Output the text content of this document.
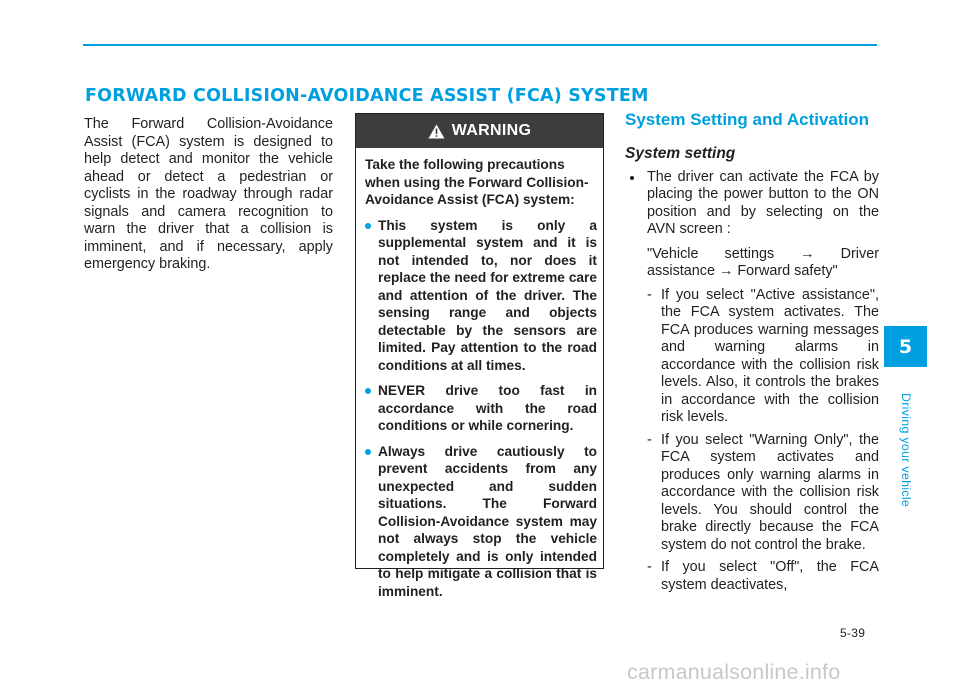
FORWARD COLLISION-AVOIDANCE ASSIST (FCA) SYSTEM

The Forward Collision-Avoidance Assist (FCA) system is designed to help detect and monitor the vehicle ahead or detect a pedestrian or cyclists in the roadway through radar signals and camera recognition to warn the driver that a collision is imminent, and if necessary, apply emergency braking.

WARNING

Take the following precautions when using the Forward Collision-Avoidance Assist (FCA) system:

This system is only a supplemental system and it is not intended to, nor does it replace the need for extreme care and attention of the driver. The sensing range and objects detectable by the sensors are limited. Pay attention to the road conditions at all times.
NEVER drive too fast in accordance with the road conditions or while cornering.
Always drive cautiously to prevent accidents from any unexpected and sudden situations. The Forward Collision-Avoidance system may not always stop the vehicle completely and is only intended to help mitigate a collision that is imminent.
System Setting and Activation
System setting

The driver can activate the FCA by placing the power button to the ON position and by selecting on the AVN screen :

"Vehicle settings → Driver assistance → Forward safety"

- If you select "Active assistance", the FCA system activates. The FCA produces warning messages and warning alarms in accordance with the collision risk levels. Also, it controls the brakes in accordance with the collision risk levels.
- If you select "Warning Only", the FCA system activates and produces only warning alarms in accordance with the collision risk levels. You should control the brake directly because the FCA system do not control the brake.
- If you select "Off", the FCA system deactivates,
5
Driving your vehicle
5-39
carmanualsonline.info
